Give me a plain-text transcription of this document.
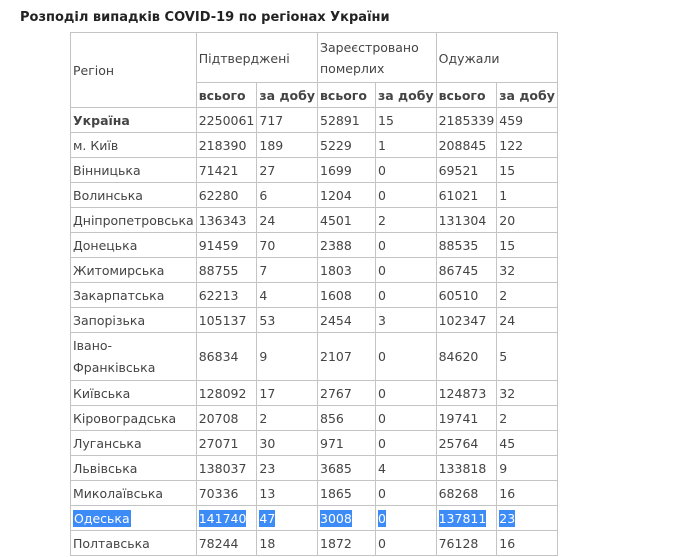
Розподіл випадків COVID-19 по регіонах України
Регіон	Підтверджені		Зареєстровано померлих		Одужали	
	всього	за добу	всього	за добу	всього	за добу
Україна	2250061	717	52891	15	2185339	459
м. Київ	218390	189	5229	1	208845	122
Вінницька	71421	27	1699	0	69521	15
Волинська	62280	6	1204	0	61021	1
Дніпропетровська	136343	24	4501	2	131304	20
Донецька	91459	70	2388	0	88535	15
Житомирська	88755	7	1803	0	86745	32
Закарпатська	62213	4	1608	0	60510	2
Запорізька	105137	53	2454	3	102347	24
Івано-Франківська	86834	9	2107	0	84620	5
Київська	128092	17	2767	0	124873	32
Кіровоградська	20708	2	856	0	19741	2
Луганська	27071	30	971	0	25764	45
Львівська	138037	23	3685	4	133818	9
Миколаївська	70336	13	1865	0	68268	16
Одеська	141740	47	3008	0	137811	23
Полтавська	78244	18	1872	0	76128	16
